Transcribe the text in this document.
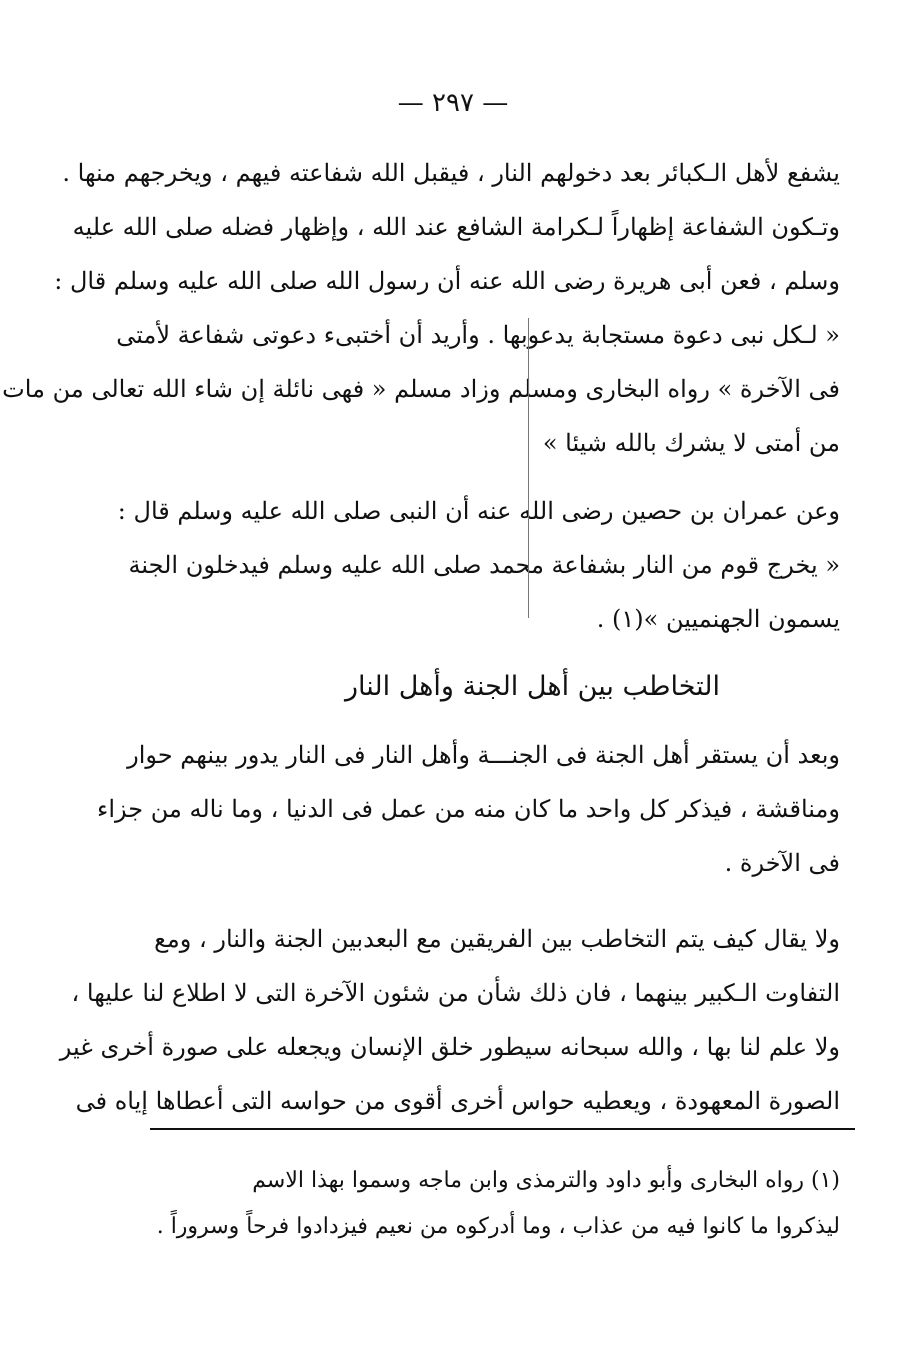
— ٢٩٧ —
يشفع لأهل الـكبائر بعد دخولهم النار ، فيقبل الله شفاعته فيهم ، ويخرجهم منها .
وتـكون الشفاعة إظهاراً لـكرامة الشافع عند الله ، وإظهار فضله صلى الله عليه
وسلم ، فعن أبى هريرة رضى الله عنه أن رسول الله صلى الله عليه وسلم قال :
« لـكل نبى دعوة مستجابة يدعوبها . وأريد أن أختبىء دعوتى شفاعة لأمتى
فى الآخرة » رواه البخارى ومسلم وزاد مسلم « فهى نائلة إن شاء الله تعالى من مات
من أمتى لا يشرك بالله شيئا »
وعن عمران بن حصين رضى الله عنه أن النبى صلى الله عليه وسلم قال :
« يخرج قوم من النار بشفاعة محمد صلى الله عليه وسلم فيدخلون الجنة
يسمون الجهنميين »(١) .
التخاطب بين أهل الجنة وأهل النار
وبعد أن يستقر أهل الجنة فى الجنـــة وأهل النار فى النار يدور بينهم حوار
ومناقشة ، فيذكر كل واحد ما كان منه من عمل فى الدنيا ، وما ناله من جزاء
فى الآخرة .
ولا يقال كيف يتم التخاطب بين الفريقين مع البعدبين الجنة والنار ، ومع
التفاوت الـكبير بينهما ، فان ذلك شأن من شئون الآخرة التى لا اطلاع لنا عليها ،
ولا علم لنا بها ، والله سبحانه سيطور خلق الإنسان ويجعله على صورة أخرى غير
الصورة المعهودة ، ويعطيه حواس أخرى أقوى من حواسه التى أعطاها إياه فى
(١) رواه البخارى وأبو داود والترمذى وابن ماجه وسموا بهذا الاسم
ليذكروا ما كانوا فيه من عذاب ، وما أدركوه من نعيم فيزدادوا فرحاً وسروراً .
